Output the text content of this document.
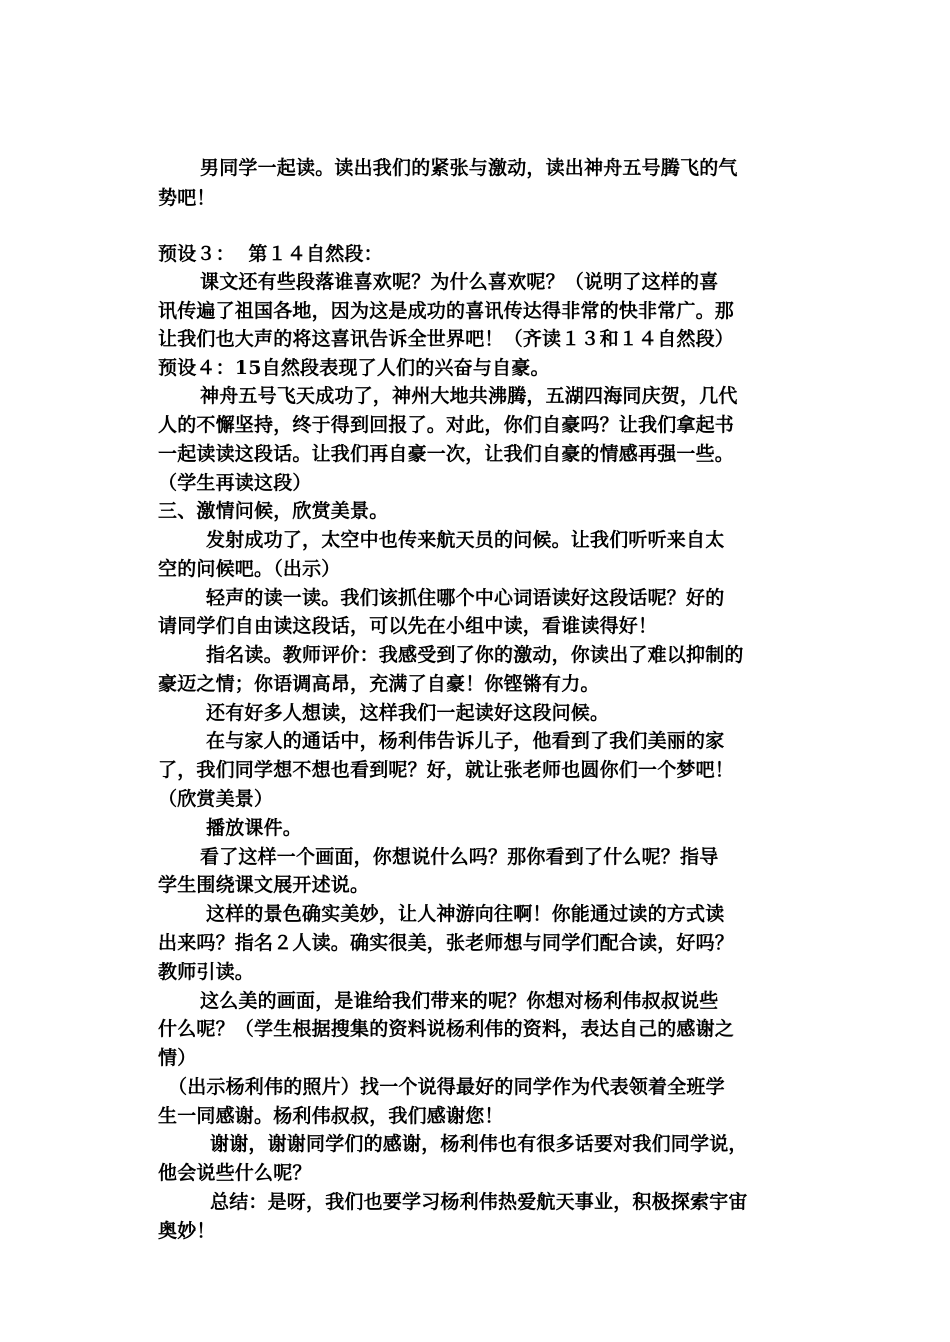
男同学一起读。读出我们的紧张与激动，读出神舟五号腾飞的气
势吧！
预设３：  第１４自然段：
课文还有些段落谁喜欢呢？为什么喜欢呢？（说明了这样的喜
讯传遍了祖国各地，因为这是成功的喜讯传达得非常的快非常广。那
让我们也大声的将这喜讯告诉全世界吧！（齐读１３和１４自然段）
预设４：15自然段表现了人们的兴奋与自豪。
神舟五号飞天成功了，神州大地共沸腾，五湖四海同庆贺，几代
人的不懈坚持，终于得到回报了。对此，你们自豪吗？让我们拿起书
一起读读这段话。让我们再自豪一次，让我们自豪的情感再强一些。
（学生再读这段）
三、激情问候，欣赏美景。
发射成功了，太空中也传来航天员的问候。让我们听听来自太
空的问候吧。（出示）
轻声的读一读。我们该抓住哪个中心词语读好这段话呢？好的
请同学们自由读这段话，可以先在小组中读，看谁读得好！
指名读。教师评价：我感受到了你的激动，你读出了难以抑制的
豪迈之情；你语调高昂，充满了自豪！你铿锵有力。
还有好多人想读，这样我们一起读好这段问候。
在与家人的通话中，杨利伟告诉儿子，他看到了我们美丽的家
了，我们同学想不想也看到呢？好，就让张老师也圆你们一个梦吧！
（欣赏美景）
播放课件。
看了这样一个画面，你想说什么吗？那你看到了什么呢？指导
学生围绕课文展开述说。
这样的景色确实美妙，让人神游向往啊！你能通过读的方式读
出来吗？指名２人读。确实很美，张老师想与同学们配合读，好吗？
教师引读。
这么美的画面，是谁给我们带来的呢？你想对杨利伟叔叔说些
什么呢？（学生根据搜集的资料说杨利伟的资料，表达自己的感谢之
情）
（出示杨利伟的照片）找一个说得最好的同学作为代表领着全班学
生一同感谢。杨利伟叔叔，我们感谢您！
谢谢，谢谢同学们的感谢，杨利伟也有很多话要对我们同学说，
他会说些什么呢？
总结：是呀，我们也要学习杨利伟热爱航天事业，积极探索宇宙
奥妙！
